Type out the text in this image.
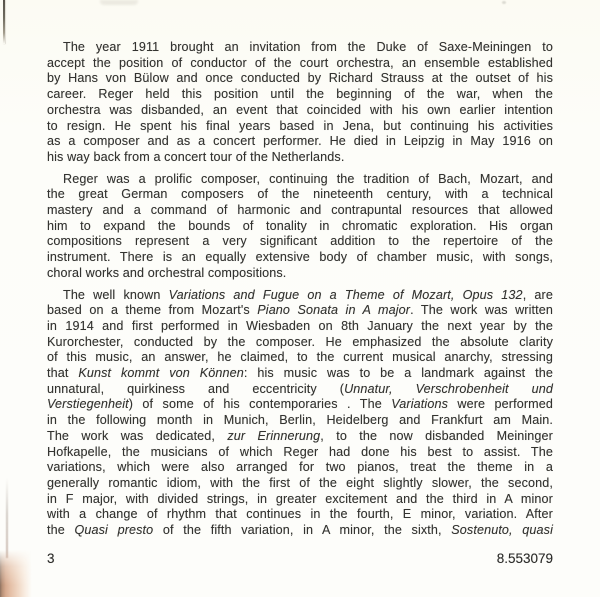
The year 1911 brought an invitation from the Duke of Saxe-Meiningen to
accept the position of conductor of the court orchestra, an ensemble established
by Hans von Bülow and once conducted by Richard Strauss at the outset of his
career. Reger held this position until the beginning of the war, when the
orchestra was disbanded, an event that coincided with his own earlier intention
to resign. He spent his final years based in Jena, but continuing his activities
as a composer and as a concert performer. He died in Leipzig in May 1916 on
his way back from a concert tour of the Netherlands.
Reger was a prolific composer, continuing the tradition of Bach, Mozart, and
the great German composers of the nineteenth century, with a technical
mastery and a command of harmonic and contrapuntal resources that allowed
him to expand the bounds of tonality in chromatic exploration. His organ
compositions represent a very significant addition to the repertoire of the
instrument. There is an equally extensive body of chamber music, with songs,
choral works and orchestral compositions.
The well known Variations and Fugue on a Theme of Mozart, Opus 132, are
based on a theme from Mozart's Piano Sonata in A major. The work was written
in 1914 and first performed in Wiesbaden on 8th January the next year by the
Kurorchester, conducted by the composer. He emphasized the absolute clarity
of this music, an answer, he claimed, to the current musical anarchy, stressing
that Kunst kommt von Können: his music was to be a landmark against the
unnatural, quirkiness and eccentricity (Unnatur, Verschrobenheit und
Verstiegenheit) of some of his contemporaries . The Variations were performed
in the following month in Munich, Berlin, Heidelberg and Frankfurt am Main.
The work was dedicated, zur Erinnerung, to the now disbanded Meininger
Hofkapelle, the musicians of which Reger had done his best to assist. The
variations, which were also arranged for two pianos, treat the theme in a
generally romantic idiom, with the first of the eight slightly slower, the second,
in F major, with divided strings, in greater excitement and the third in A minor
with a change of rhythm that continues in the fourth, E minor, variation. After
the Quasi presto of the fifth variation, in A minor, the sixth, Sostenuto, quasi
3	8.553079
